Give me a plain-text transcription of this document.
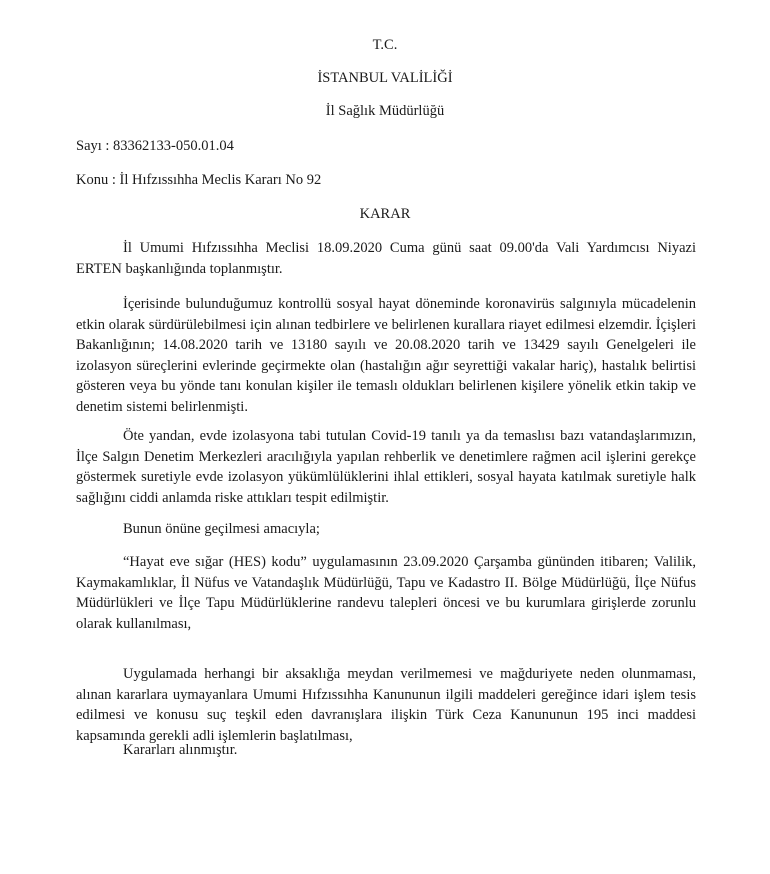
T.C.
İSTANBUL VALİLİĞİ
İl Sağlık Müdürlüğü
Sayı : 83362133-050.01.04
Konu : İl Hıfzıssıhha Meclis Kararı No 92
KARAR

İl Umumi Hıfzıssıhha Meclisi 18.09.2020 Cuma günü saat 09.00'da Vali Yardımcısı Niyazi ERTEN başkanlığında toplanmıştır.

İçerisinde bulunduğumuz kontrollü sosyal hayat döneminde koronavirüs salgınıyla mücadelenin etkin olarak sürdürülebilmesi için alınan tedbirlere ve belirlenen kurallara riayet edilmesi elzemdir. İçişleri Bakanlığının; 14.08.2020 tarih ve 13180 sayılı ve 20.08.2020 tarih ve 13429 sayılı Genelgeleri ile izolasyon süreçlerini evlerinde geçirmekte olan (hastalığın ağır seyrettiği vakalar hariç), hastalık belirtisi gösteren veya bu yönde tanı konulan kişiler ile temaslı oldukları belirlenen kişilere yönelik etkin takip ve denetim sistemi belirlenmişti.

Öte yandan, evde izolasyona tabi tutulan Covid-19 tanılı ya da temaslısı bazı vatandaşlarımızın, İlçe Salgın Denetim Merkezleri aracılığıyla yapılan rehberlik ve denetimlere rağmen acil işlerini gerekçe göstermek suretiyle evde izolasyon yükümlülüklerini ihlal ettikleri, sosyal hayata katılmak suretiyle halk sağlığını ciddi anlamda riske attıkları tespit edilmiştir.

Bunun önüne geçilmesi amacıyla;

“Hayat eve sığar (HES) kodu” uygulamasının 23.09.2020 Çarşamba gününden itibaren; Valilik, Kaymakamlıklar, İl Nüfus ve Vatandaşlık Müdürlüğü, Tapu ve Kadastro II. Bölge Müdürlüğü, İlçe Nüfus Müdürlükleri ve İlçe Tapu Müdürlüklerine randevu talepleri öncesi ve bu kurumlara girişlerde zorunlu olarak kullanılması,

Uygulamada herhangi bir aksaklığa meydan verilmemesi ve mağduriyete neden olunmaması, alınan kararlara uymayanlara Umumi Hıfzıssıhha Kanununun ilgili maddeleri gereğince idari işlem tesis edilmesi ve konusu suç teşkil eden davranışlara ilişkin Türk Ceza Kanununun 195 inci maddesi kapsamında gerekli adli işlemlerin başlatılması,

Kararları alınmıştır.
